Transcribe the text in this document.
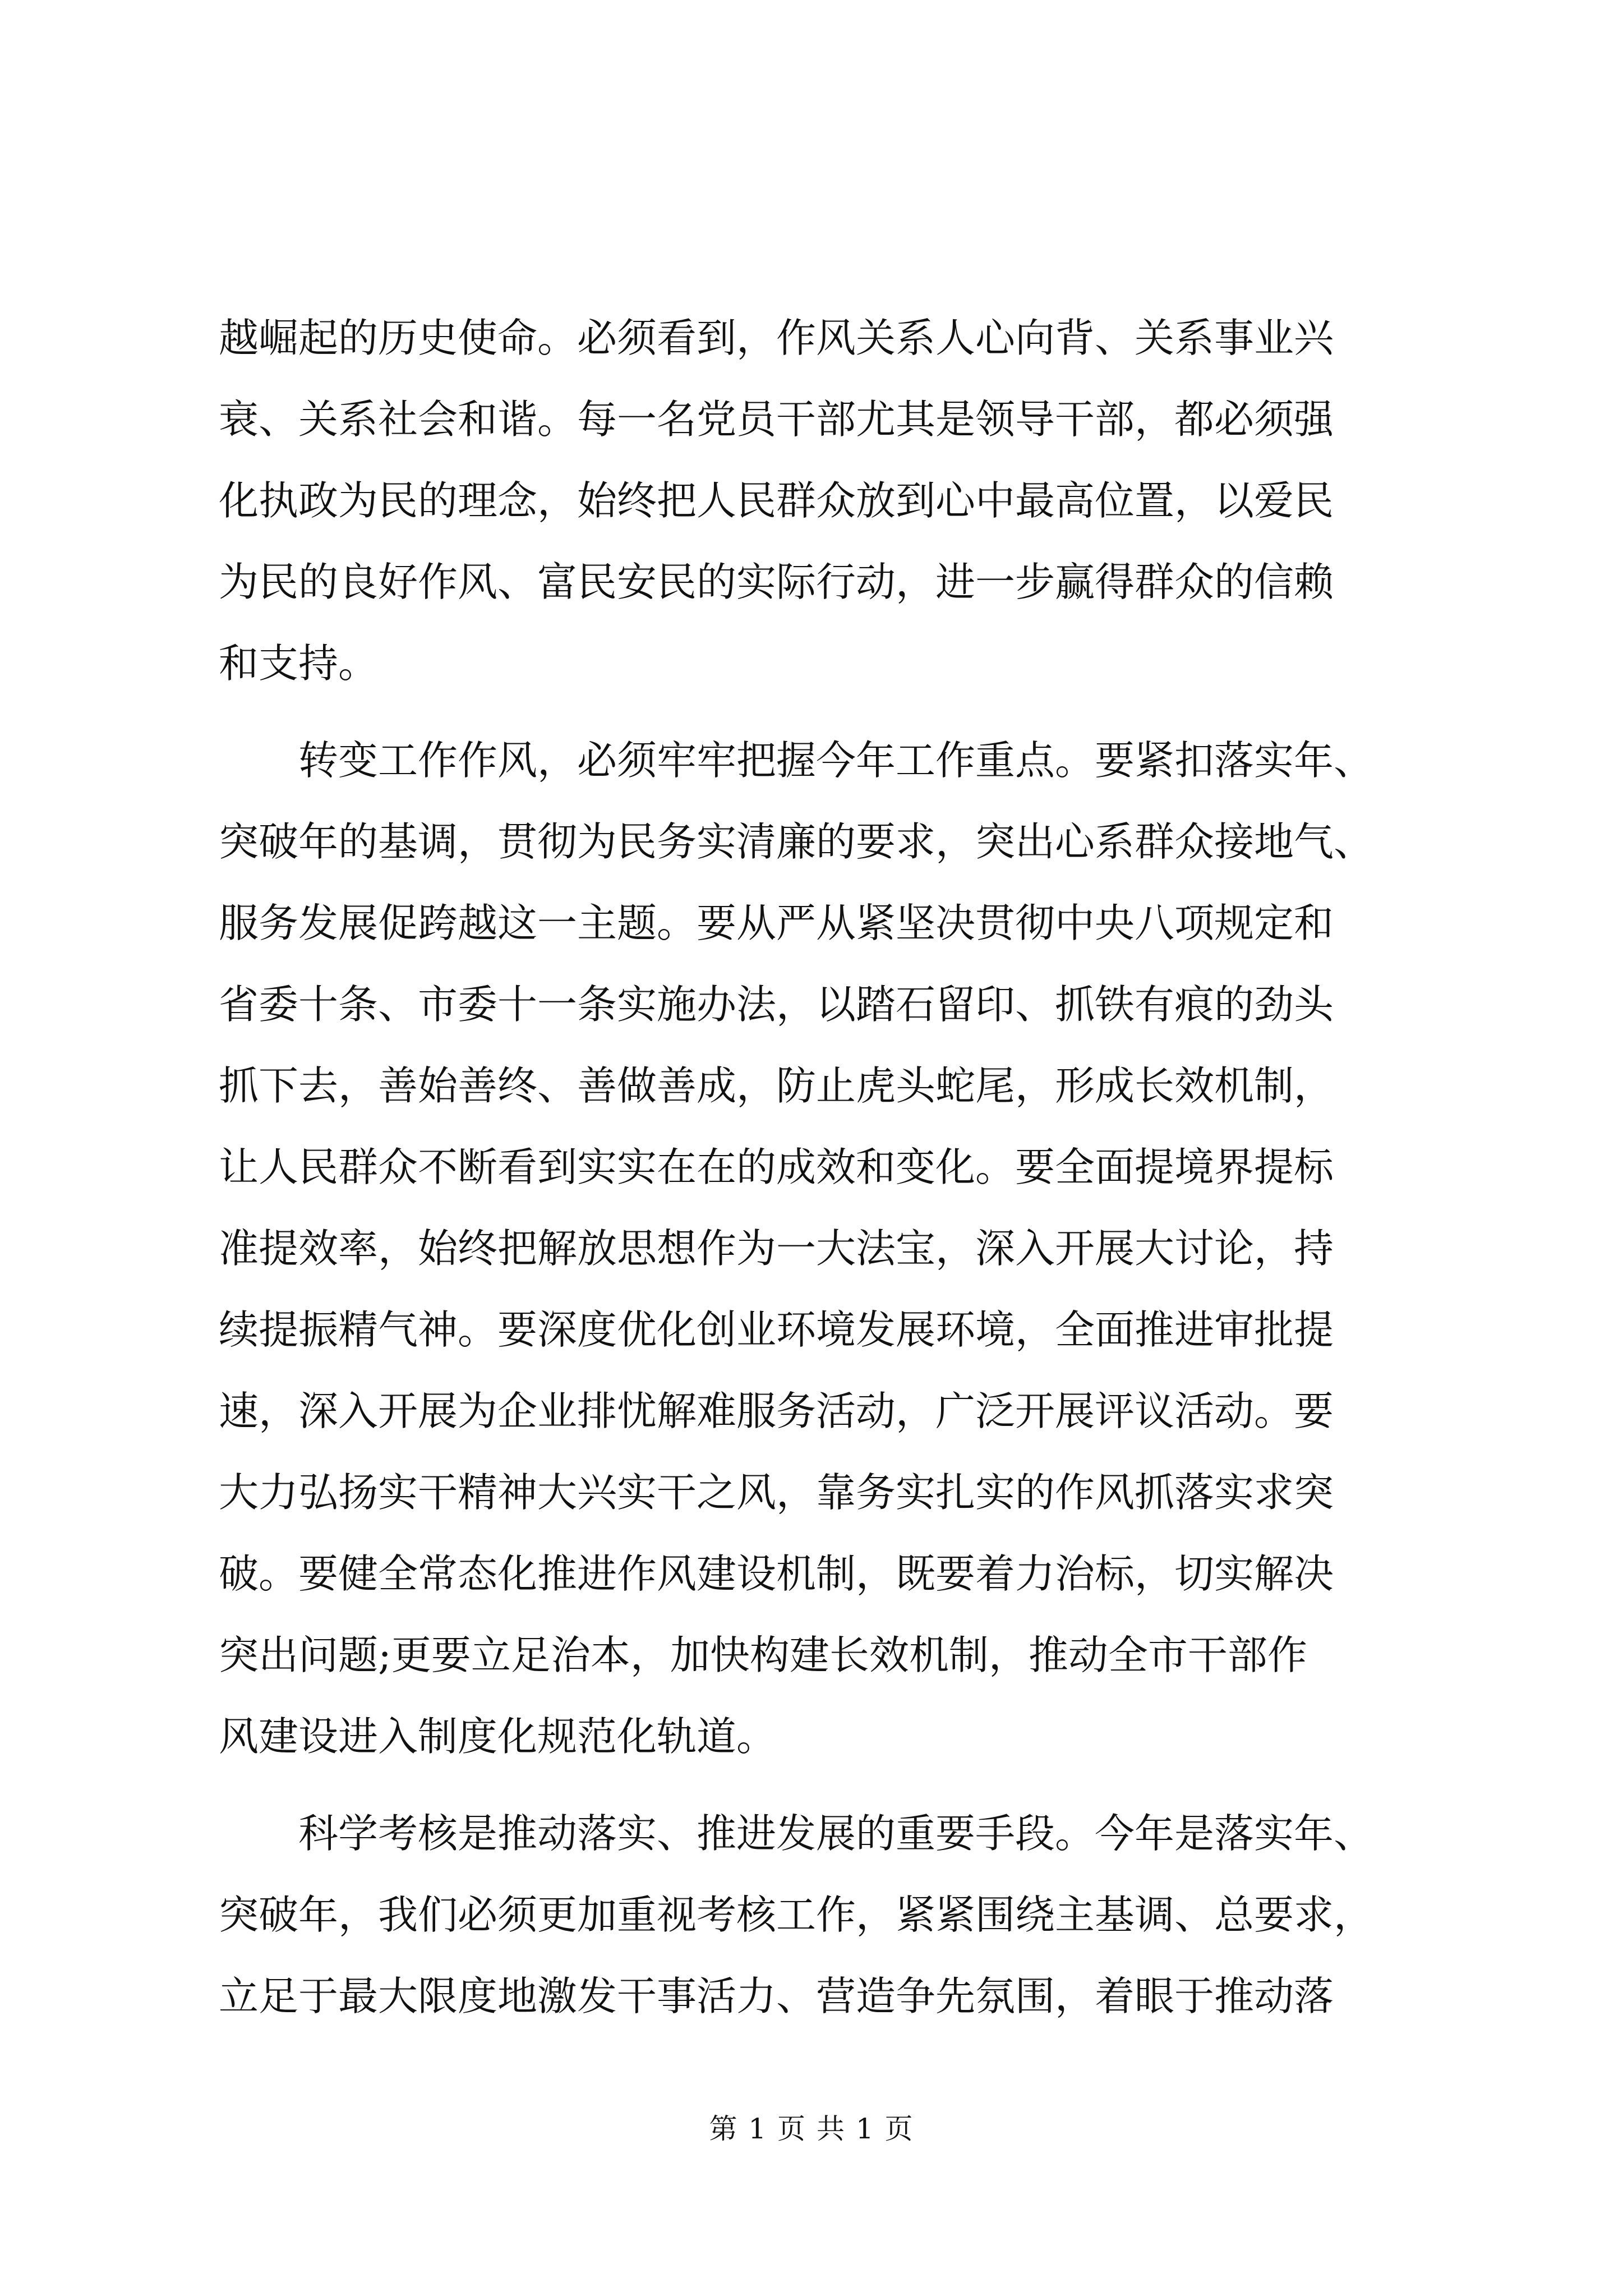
越崛起的历史使命。必须看到，作风关系人心向背、关系事业兴
衰、关系社会和谐。每一名党员干部尤其是领导干部，都必须强
化执政为民的理念，始终把人民群众放到心中最高位置，以爱民
为民的良好作风、富民安民的实际行动，进一步赢得群众的信赖
和支持。
　　转变工作作风，必须牢牢把握今年工作重点。要紧扣落实年、
突破年的基调，贯彻为民务实清廉的要求，突出心系群众接地气、
服务发展促跨越这一主题。要从严从紧坚决贯彻中央八项规定和
省委十条、市委十一条实施办法，以踏石留印、抓铁有痕的劲头
抓下去，善始善终、善做善成，防止虎头蛇尾，形成长效机制，
让人民群众不断看到实实在在的成效和变化。要全面提境界提标
准提效率，始终把解放思想作为一大法宝，深入开展大讨论，持
续提振精气神。要深度优化创业环境发展环境，全面推进审批提
速，深入开展为企业排忧解难服务活动，广泛开展评议活动。要
大力弘扬实干精神大兴实干之风，靠务实扎实的作风抓落实求突
破。要健全常态化推进作风建设机制，既要着力治标，切实解决
突出问题;更要立足治本，加快构建长效机制，推动全市干部作
风建设进入制度化规范化轨道。
　　科学考核是推动落实、推进发展的重要手段。今年是落实年、
突破年，我们必须更加重视考核工作，紧紧围绕主基调、总要求，
立足于最大限度地激发干事活力、营造争先氛围，着眼于推动落
第 1 页 共 1 页
